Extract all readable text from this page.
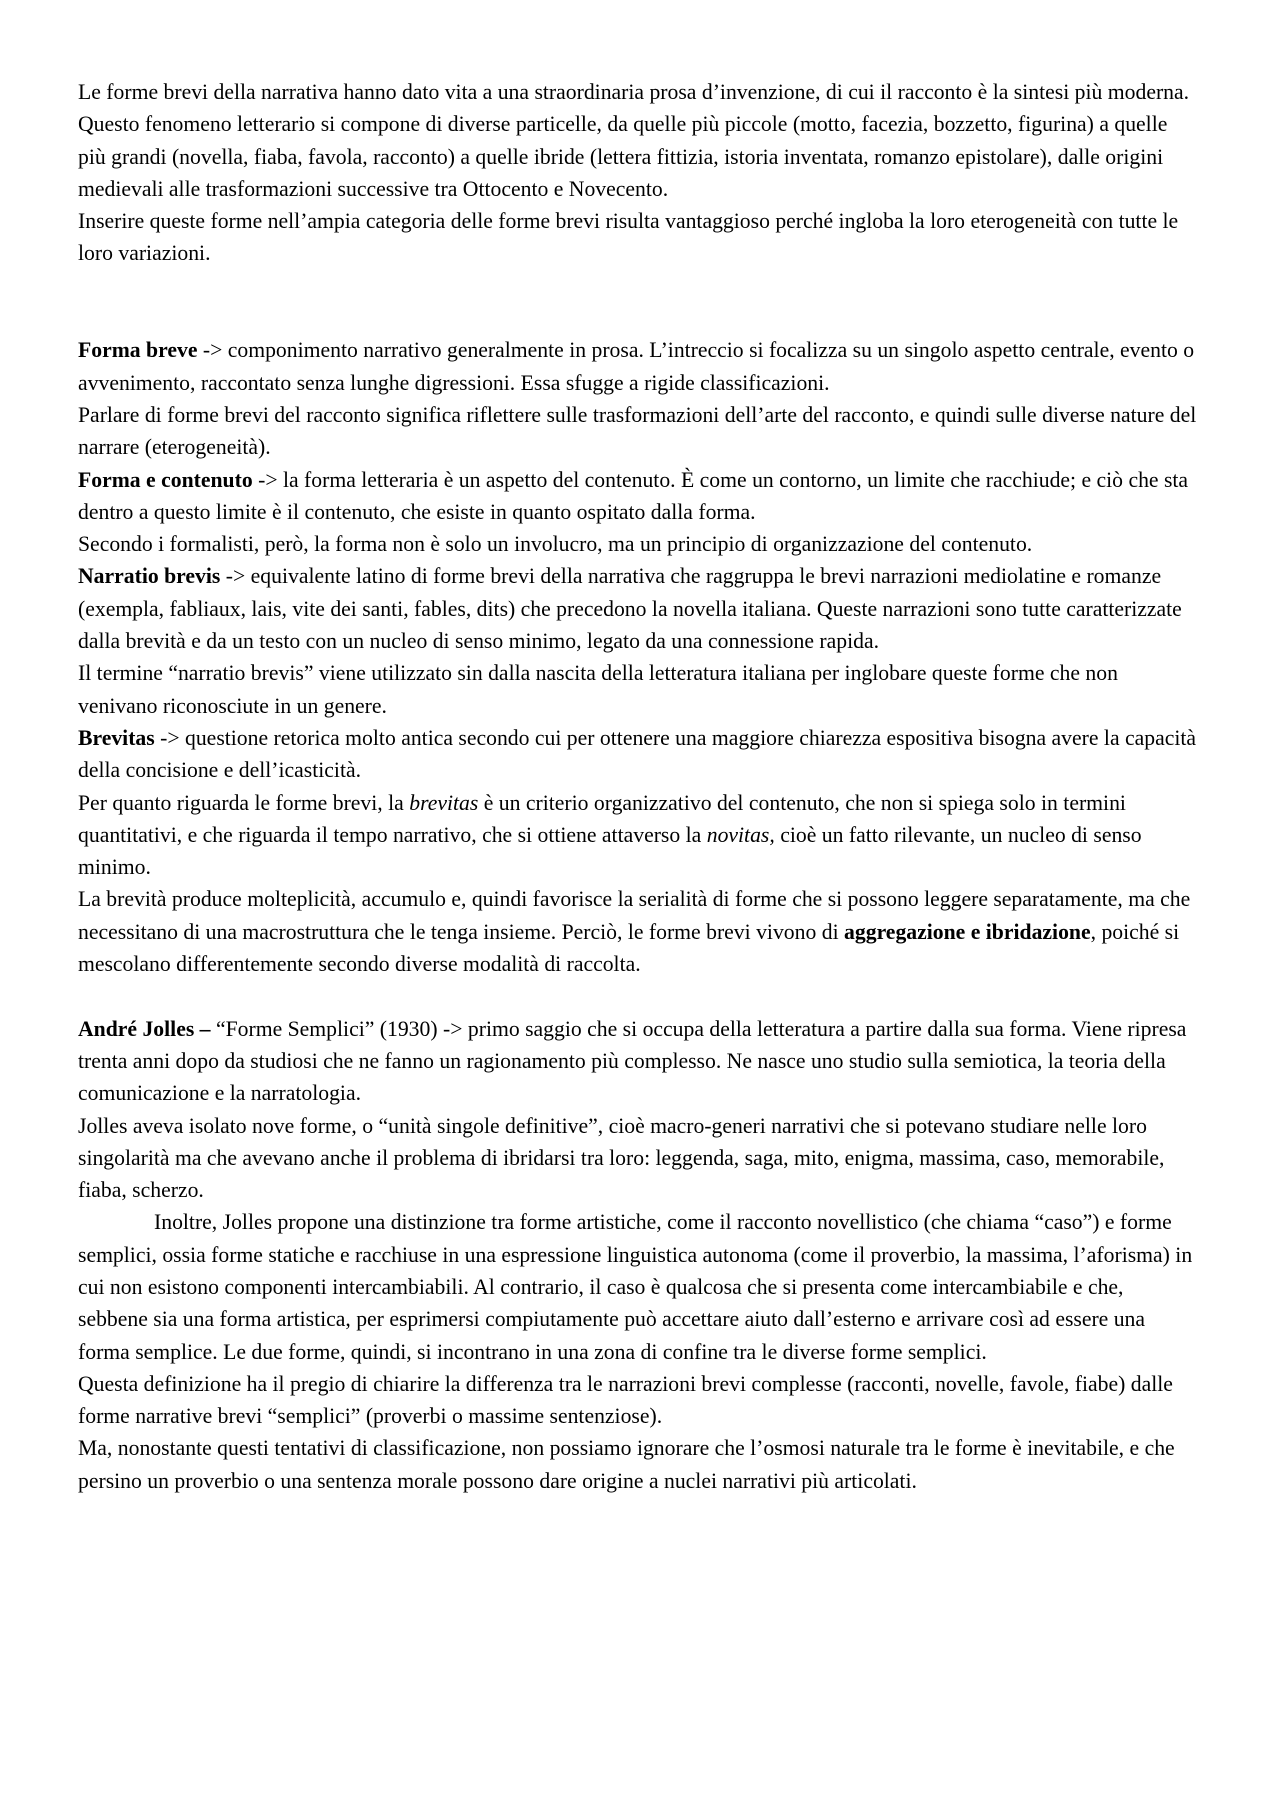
Le forme brevi della narrativa hanno dato vita a una straordinaria prosa d’invenzione, di cui il racconto è la sintesi più moderna. Questo fenomeno letterario si compone di diverse particelle, da quelle più piccole (motto, facezia, bozzetto, figurina) a quelle più grandi (novella, fiaba, favola, racconto) a quelle ibride (lettera fittizia, istoria inventata, romanzo epistolare), dalle origini medievali alle trasformazioni successive tra Ottocento e Novecento.

Inserire queste forme nell’ampia categoria delle forme brevi risulta vantaggioso perché ingloba la loro eterogeneità con tutte le loro variazioni.

Forma breve -> componimento narrativo generalmente in prosa. L’intreccio si focalizza su un singolo aspetto centrale, evento o avvenimento, raccontato senza lunghe digressioni. Essa sfugge a rigide classificazioni.

Parlare di forme brevi del racconto significa riflettere sulle trasformazioni dell’arte del racconto, e quindi sulle diverse nature del narrare (eterogeneità).

Forma e contenuto -> la forma letteraria è un aspetto del contenuto. È come un contorno, un limite che racchiude; e ciò che sta dentro a questo limite è il contenuto, che esiste in quanto ospitato dalla forma.

Secondo i formalisti, però, la forma non è solo un involucro, ma un principio di organizzazione del contenuto.

Narratio brevis -> equivalente latino di forme brevi della narrativa che raggruppa le brevi narrazioni mediolatine e romanze (exempla, fabliaux, lais, vite dei santi, fables, dits) che precedono la novella italiana. Queste narrazioni sono tutte caratterizzate dalla brevità e da un testo con un nucleo di senso minimo, legato da una connessione rapida.

Il termine “narratio brevis” viene utilizzato sin dalla nascita della letteratura italiana per inglobare queste forme che non venivano riconosciute in un genere.

Brevitas -> questione retorica molto antica secondo cui per ottenere una maggiore chiarezza espositiva bisogna avere la capacità della concisione e dell’icasticità.

Per quanto riguarda le forme brevi, la brevitas è un criterio organizzativo del contenuto, che non si spiega solo in termini quantitativi, e che riguarda il tempo narrativo, che si ottiene attaverso la novitas, cioè un fatto rilevante, un nucleo di senso minimo.

La brevità produce molteplicità, accumulo e, quindi favorisce la serialità di forme che si possono leggere separatamente, ma che necessitano di una macrostruttura che le tenga insieme. Perciò, le forme brevi vivono di aggregazione e ibridazione, poiché si mescolano differentemente secondo diverse modalità di raccolta.

André Jolles – “Forme Semplici” (1930) -> primo saggio che si occupa della letteratura a partire dalla sua forma. Viene ripresa trenta anni dopo da studiosi che ne fanno un ragionamento più complesso. Ne nasce uno studio sulla semiotica, la teoria della comunicazione e la narratologia.

Jolles aveva isolato nove forme, o “unità singole definitive”, cioè macro-generi narrativi che si potevano studiare nelle loro singolarità ma che avevano anche il problema di ibridarsi tra loro: leggenda, saga, mito, enigma, massima, caso, memorabile, fiaba, scherzo.

Inoltre, Jolles propone una distinzione tra forme artistiche, come il racconto novellistico (che chiama “caso”) e forme semplici, ossia forme statiche e racchiuse in una espressione linguistica autonoma (come il proverbio, la massima, l’aforisma) in cui non esistono componenti intercambiabili. Al contrario, il caso è qualcosa che si presenta come intercambiabile e che, sebbene sia una forma artistica, per esprimersi compiutamente può accettare aiuto dall’esterno e arrivare così ad essere una forma semplice. Le due forme, quindi, si incontrano in una zona di confine tra le diverse forme semplici.

Questa definizione ha il pregio di chiarire la differenza tra le narrazioni brevi complesse (racconti, novelle, favole, fiabe) dalle forme narrative brevi “semplici” (proverbi o massime sentenziose).

Ma, nonostante questi tentativi di classificazione, non possiamo ignorare che l’osmosi naturale tra le forme è inevitabile, e che persino un proverbio o una sentenza morale possono dare origine a nuclei narrativi più articolati.
